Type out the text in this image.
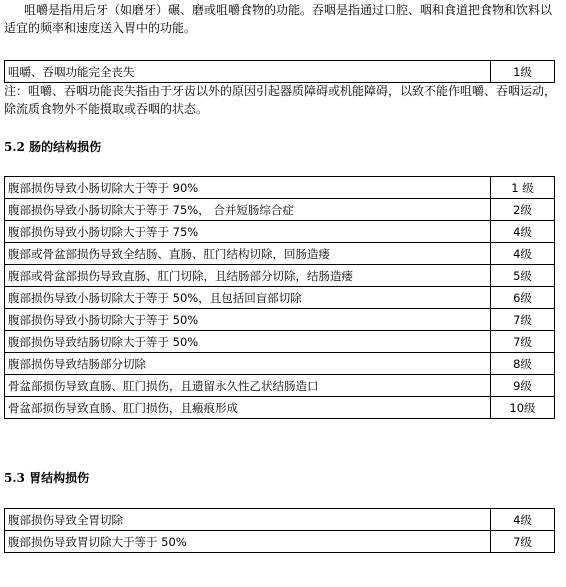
咀嚼是指用后牙（如磨牙）碾、磨或咀嚼食物的功能。吞咽是指通过口腔、咽和食道把食物和饮料以适宜的频率和速度送入胃中的功能。

咀嚼、吞咽功能完全丧失	1级

注：咀嚼、吞咽功能丧失指由于牙齿以外的原因引起器质障碍或机能障碍，以致不能作咀嚼、吞咽运动，除流质食物外不能摄取或吞咽的状态。

5.2 肠的结构损伤
腹部损伤导致小肠切除大于等于 90%	1 级
腹部损伤导致小肠切除大于等于 75%， 合并短肠综合症	2级
腹部损伤导致小肠切除大于等于 75%	4级
腹部或骨盆部损伤导致全结肠、直肠、肛门结构切除，回肠造瘘	4级
腹部或骨盆部损伤导致直肠、肛门切除，且结肠部分切除，结肠造瘘	5级
腹部损伤导致小肠切除大于等于 50%，且包括回盲部切除	6级
腹部损伤导致小肠切除大于等于 50%	7级
腹部损伤导致结肠切除大于等于 50%	7级
腹部损伤导致结肠部分切除	8级
骨盆部损伤导致直肠、肛门损伤，且遗留永久性乙状结肠造口	9级
骨盆部损伤导致直肠、肛门损伤，且瘢痕形成	10级
5.3 胃结构损伤
腹部损伤导致全胃切除	4级
腹部损伤导致胃切除大于等于 50%	7级
